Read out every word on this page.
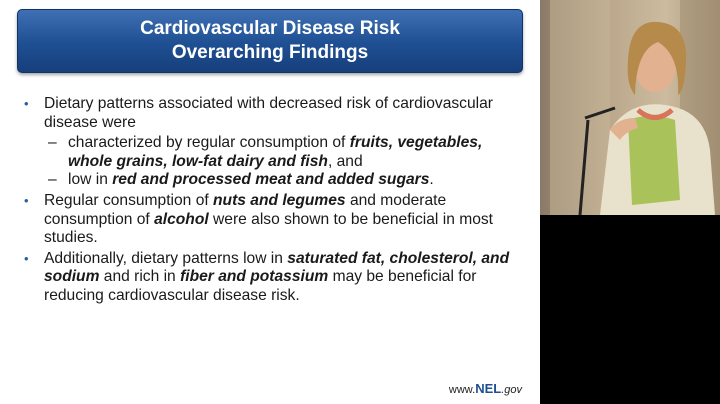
Cardiovascular Disease Risk
Overarching Findings
• Dietary patterns associated with decreased risk of cardiovascular disease were
– characterized by regular consumption of fruits, vegetables, whole grains, low-fat dairy and fish, and
– low in red and processed meat and added sugars.
• Regular consumption of nuts and legumes and moderate consumption of alcohol were also shown to be beneficial in most studies.
• Additionally, dietary patterns low in saturated fat, cholesterol, and sodium and rich in fiber and potassium may be beneficial for reducing cardiovascular disease risk.
www.NEL.gov
